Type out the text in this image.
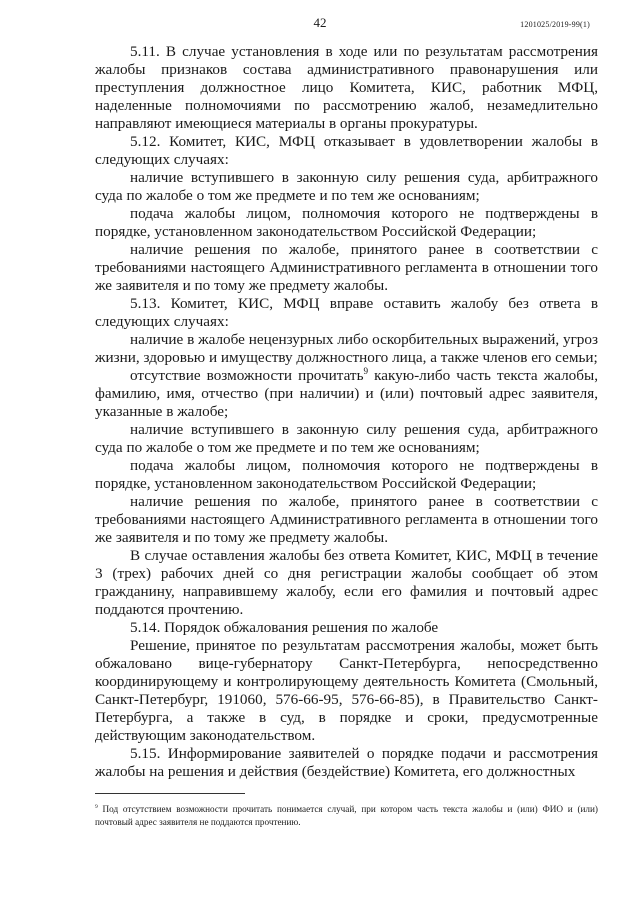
42	1201025/2019-99(1)

5.11. В случае установления в ходе или по результатам рассмотрения жалобы признаков состава административного правонарушения или преступления должностное лицо Комитета, КИС, работник МФЦ, наделенные полномочиями по рассмотрению жалоб, незамедлительно направляют имеющиеся материалы в органы прокуратуры.

5.12. Комитет, КИС, МФЦ отказывает в удовлетворении жалобы в следующих случаях:

наличие вступившего в законную силу решения суда, арбитражного суда по жалобе о том же предмете и по тем же основаниям;

подача жалобы лицом, полномочия которого не подтверждены в порядке, установленном законодательством Российской Федерации;

наличие решения по жалобе, принятого ранее в соответствии с требованиями настоящего Административного регламента в отношении того же заявителя и по тому же предмету жалобы.

5.13. Комитет, КИС, МФЦ вправе оставить жалобу без ответа в следующих случаях:

наличие в жалобе нецензурных либо оскорбительных выражений, угроз жизни, здоровью и имуществу должностного лица, а также членов его семьи;

отсутствие возможности прочитать$^9$ какую-либо часть текста жалобы, фамилию, имя, отчество (при наличии) и (или) почтовый адрес заявителя, указанные в жалобе;

наличие вступившего в законную силу решения суда, арбитражного суда по жалобе о том же предмете и по тем же основаниям;

подача жалобы лицом, полномочия которого не подтверждены в порядке, установленном законодательством Российской Федерации;

наличие решения по жалобе, принятого ранее в соответствии с требованиями настоящего Административного регламента в отношении того же заявителя и по тому же предмету жалобы.

В случае оставления жалобы без ответа Комитет, КИС, МФЦ в течение 3 (трех) рабочих дней со дня регистрации жалобы сообщает об этом гражданину, направившему жалобу, если его фамилия и почтовый адрес поддаются прочтению.

5.14. Порядок обжалования решения по жалобе

Решение, принятое по результатам рассмотрения жалобы, может быть обжаловано вице-губернатору Санкт-Петербурга, непосредственно координирующему и контролирующему деятельность Комитета (Смольный, Санкт-Петербург, 191060, 576-66-95, 576-66-85), в Правительство Санкт-Петербурга, а также в суд, в порядке и сроки, предусмотренные действующим законодательством.

5.15. Информирование заявителей о порядке подачи и рассмотрения жалобы на решения и действия (бездействие) Комитета, его должностных

$^9$ Под отсутствием возможности прочитать понимается случай, при котором часть текста жалобы и (или) ФИО и (или) почтовый адрес заявителя не поддаются прочтению.
